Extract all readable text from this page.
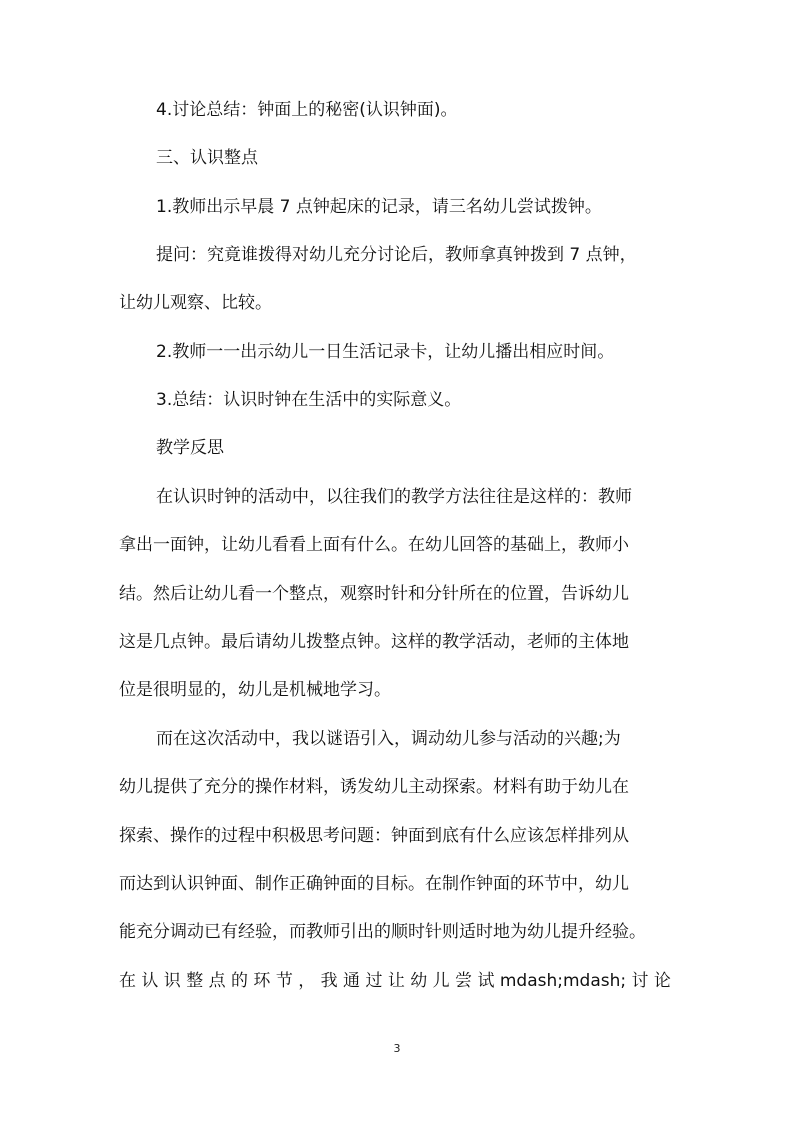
4.讨论总结：钟面上的秘密(认识钟面)。
三、认识整点
1.教师出示早晨 7 点钟起床的记录，请三名幼儿尝试拨钟。
提问：究竟谁拨得对幼儿充分讨论后，教师拿真钟拨到 7 点钟，
让幼儿观察、比较。
2.教师一一出示幼儿一日生活记录卡，让幼儿播出相应时间。
3.总结：认识时钟在生活中的实际意义。
教学反思
在认识时钟的活动中，以往我们的教学方法往往是这样的：教师
拿出一面钟，让幼儿看看上面有什么。在幼儿回答的基础上，教师小
结。然后让幼儿看一个整点，观察时针和分针所在的位置，告诉幼儿
这是几点钟。最后请幼儿拨整点钟。这样的教学活动，老师的主体地
位是很明显的，幼儿是机械地学习。
而在这次活动中，我以谜语引入，调动幼儿参与活动的兴趣;为
幼儿提供了充分的操作材料，诱发幼儿主动探索。材料有助于幼儿在
探索、操作的过程中积极思考问题：钟面到底有什么应该怎样排列从
而达到认识钟面、制作正确钟面的目标。在制作钟面的环节中，幼儿
能充分调动已有经验，而教师引出的顺时针则适时地为幼儿提升经验。
在 认 识 整 点 的 环 节 ， 我 通 过 让 幼 儿 尝 试 mdash;mdash; 讨 论
3
